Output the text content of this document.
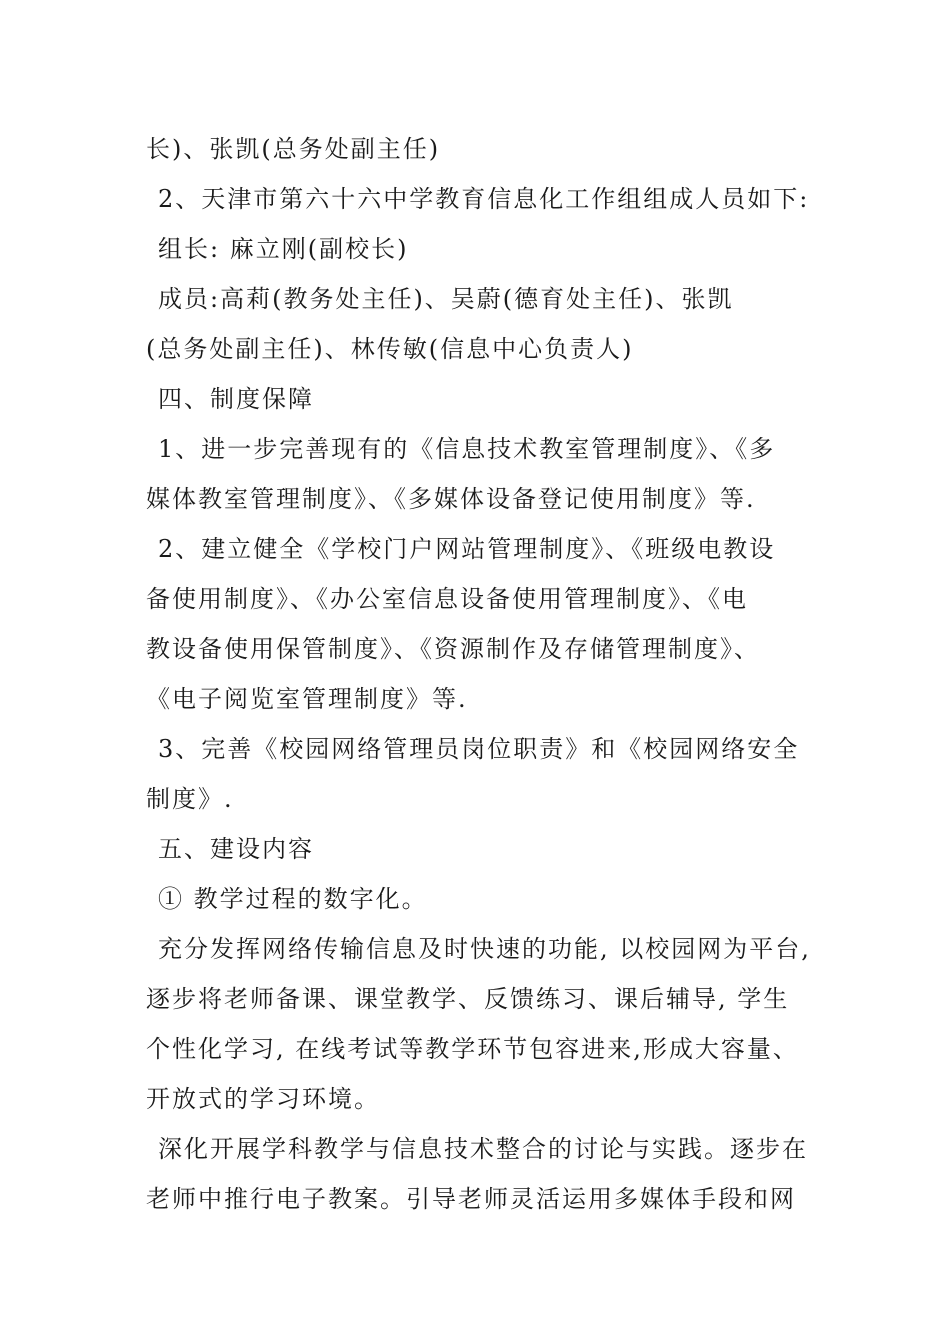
长)、张凯(总务处副主任)
2、天津市第六十六中学教育信息化工作组组成人员如下:
组长: 麻立刚(副校长)
成员:高莉(教务处主任)、吴蔚(德育处主任)、张凯
(总务处副主任)、林传敏(信息中心负责人)
四、制度保障
1、进一步完善现有的《信息技术教室管理制度》、《多
媒体教室管理制度》、《多媒体设备登记使用制度》等.
2、建立健全《学校门户网站管理制度》、《班级电教设
备使用制度》、《办公室信息设备使用管理制度》、《电
教设备使用保管制度》、《资源制作及存储管理制度》、
《电子阅览室管理制度》等.
3、完善《校园网络管理员岗位职责》和《校园网络安全
制度》.
五、建设内容
① 教学过程的数字化。
充分发挥网络传输信息及时快速的功能, 以校园网为平台,
逐步将老师备课、课堂教学、反馈练习、课后辅导, 学生
个性化学习, 在线考试等教学环节包容进来,形成大容量、
开放式的学习环境。
深化开展学科教学与信息技术整合的讨论与实践。逐步在
老师中推行电子教案。引导老师灵活运用多媒体手段和网
